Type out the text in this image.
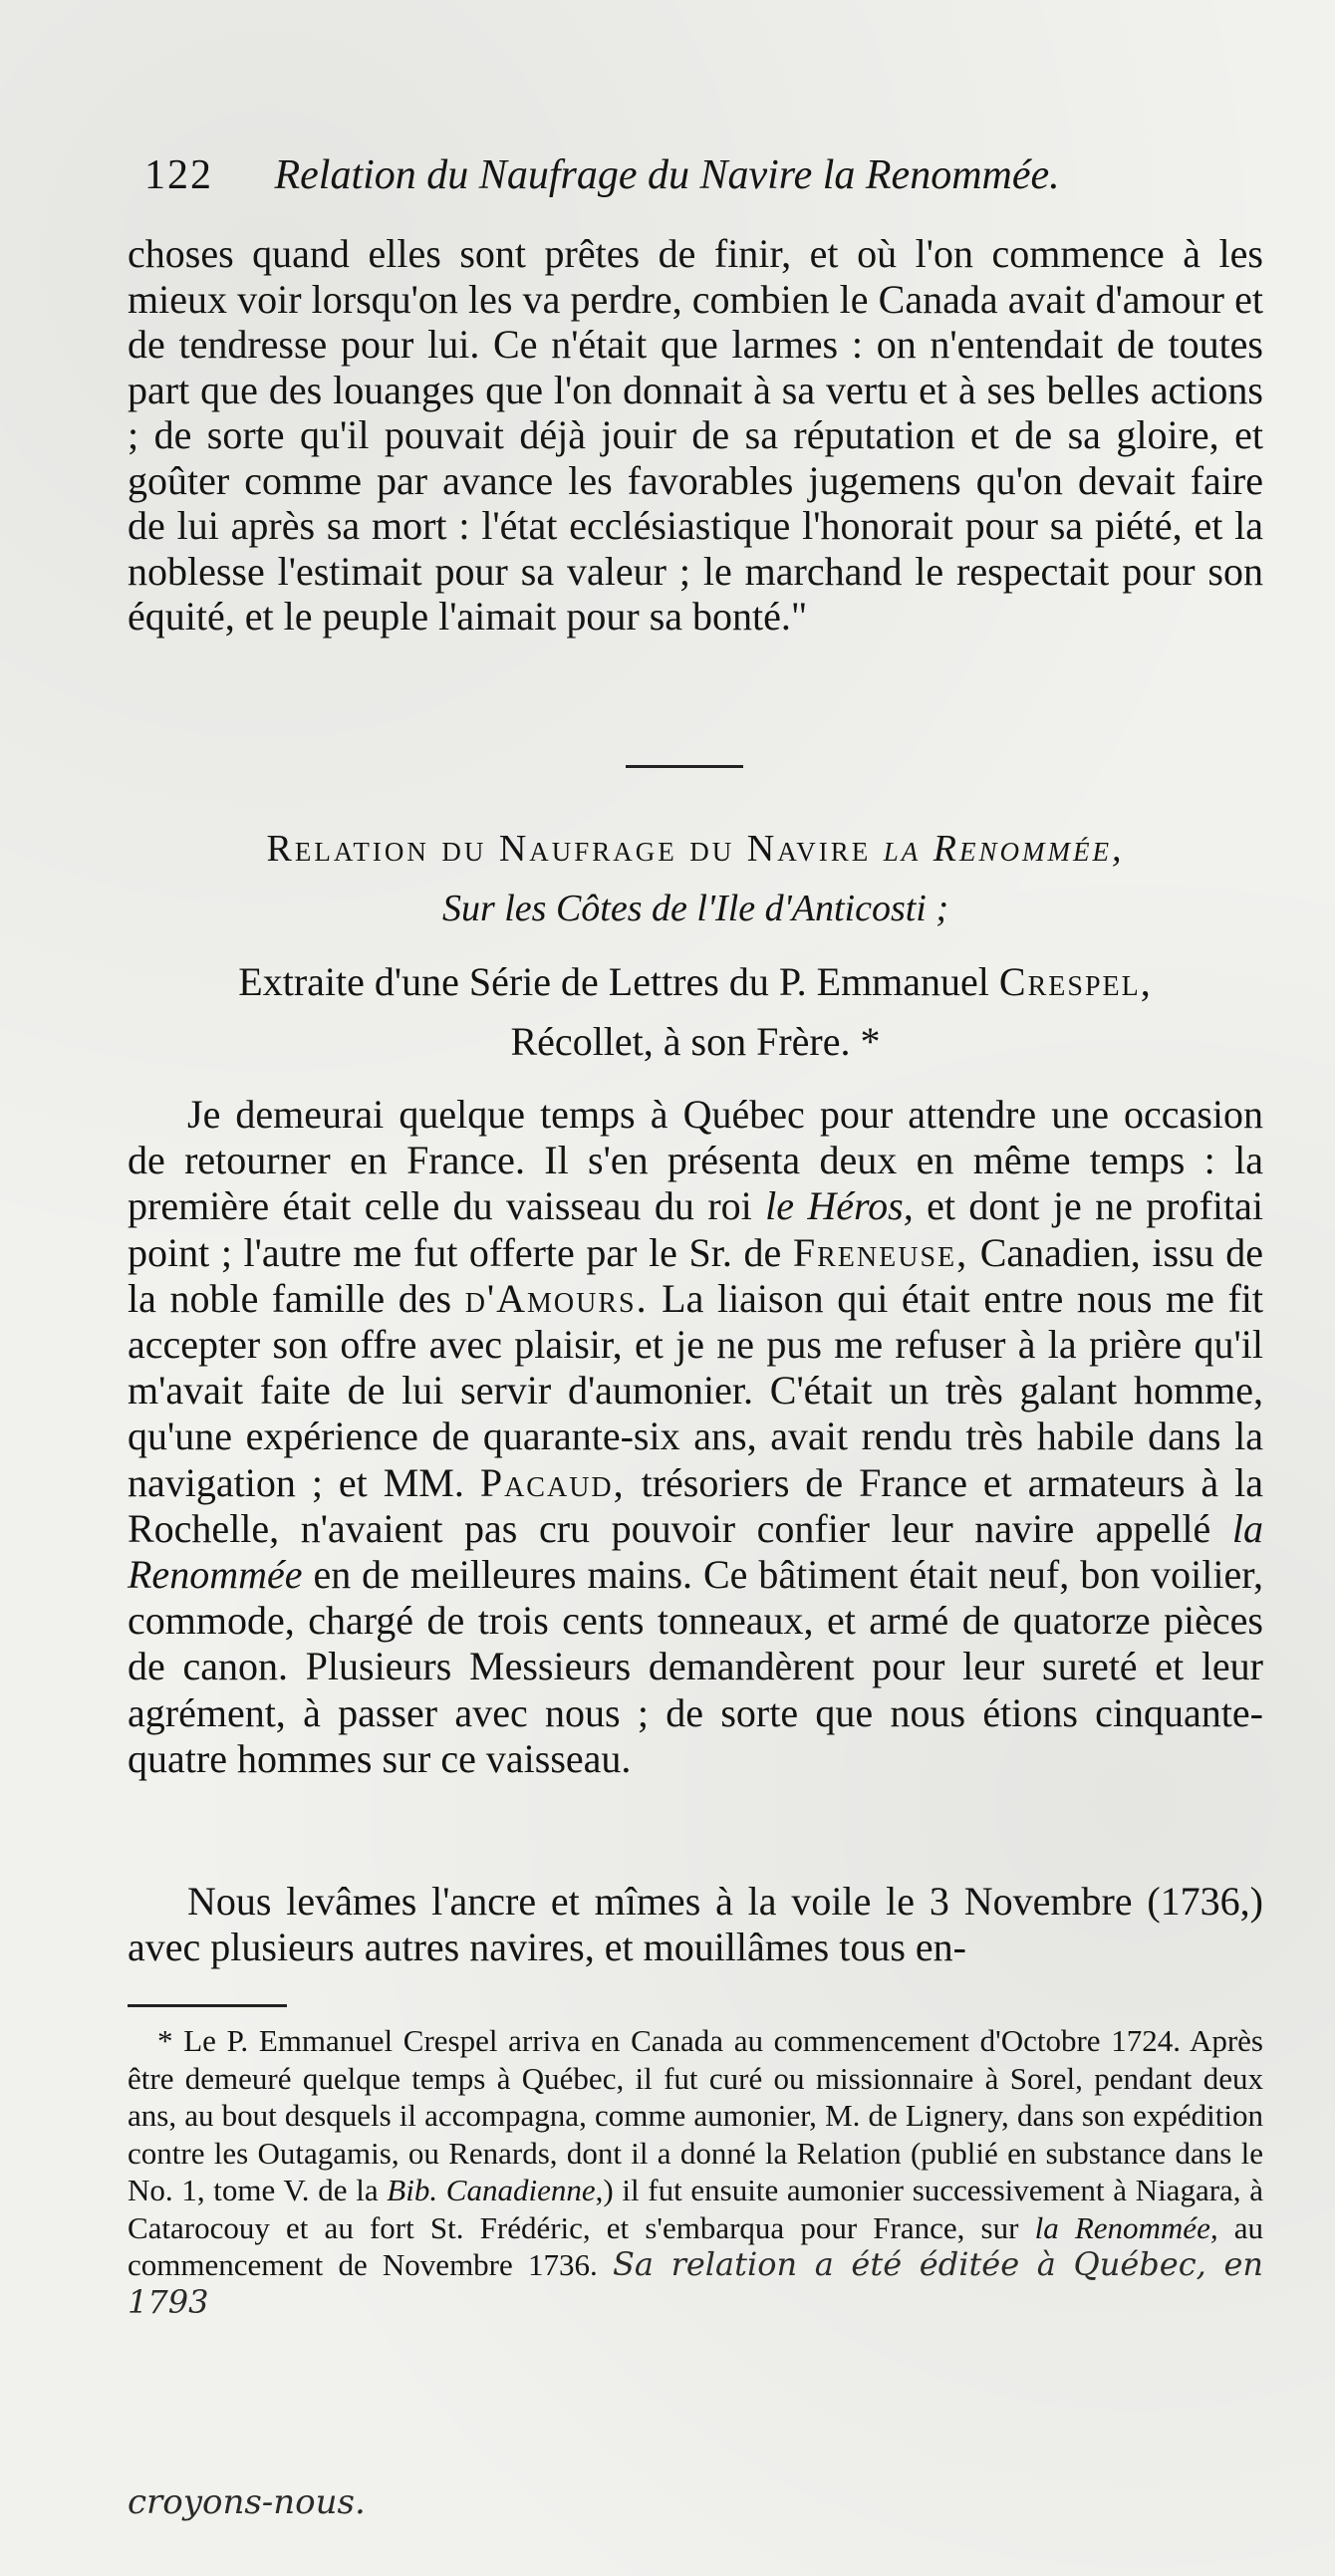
122 Relation du Naufrage du Navire la Renommée.
choses quand elles sont prêtes de finir, et où l'on commence à les mieux voir lorsqu'on les va perdre, combien le Canada avait d'amour et de tendresse pour lui. Ce n'était que larmes : on n'entendait de toutes part que des louanges que l'on donnait à sa vertu et à ses belles actions ; de sorte qu'il pouvait déjà jouir de sa réputation et de sa gloire, et goûter comme par avance les favorables jugemens qu'on devait faire de lui après sa mort : l'état ecclésiastique l'honorait pour sa piété, et la noblesse l'estimait pour sa valeur ; le marchand le respectait pour son équité, et le peuple l'aimait pour sa bonté."
Relation du Naufrage du Navire la Renommée,
Sur les Côtes de l'Ile d'Anticosti ;
Extraite d'une Série de Lettres du P. Emmanuel Crespel,
Récollet, à son Frère. *
Je demeurai quelque temps à Québec pour attendre une occasion de retourner en France. Il s'en présenta deux en même temps : la première était celle du vaisseau du roi le Héros, et dont je ne profitai point ; l'autre me fut offerte par le Sr. de Freneuse, Canadien, issu de la noble famille des d'Amours. La liaison qui était entre nous me fit accepter son offre avec plaisir, et je ne pus me refuser à la prière qu'il m'avait faite de lui servir d'aumonier. C'était un très galant homme, qu'une expérience de quarante-six ans, avait rendu très habile dans la navigation ; et MM. Pacaud, trésoriers de France et armateurs à la Rochelle, n'avaient pas cru pouvoir confier leur navire appellé la Renommée en de meilleures mains. Ce bâtiment était neuf, bon voilier, commode, chargé de trois cents tonneaux, et armé de quatorze pièces de canon. Plusieurs Messieurs demandèrent pour leur sureté et leur agrément, à passer avec nous ; de sorte que nous étions cinquante-quatre hommes sur ce vaisseau.
Nous levâmes l'ancre et mîmes à la voile le 3 Novembre (1736,) avec plusieurs autres navires, et mouillâmes tous en-
* Le P. Emmanuel Crespel arriva en Canada au commencement d'Octobre 1724. Après être demeuré quelque temps à Québec, il fut curé ou missionnaire à Sorel, pendant deux ans, au bout desquels il accompagna, comme aumonier, M. de Lignery, dans son expédition contre les Outagamis, ou Renards, dont il a donné la Relation (publié en substance dans le No. 1, tome V. de la Bib. Canadienne,) il fut ensuite aumonier successivement à Niagara, à Catarocouy et au fort St. Frédéric, et s'embarqua pour France, sur la Renommée, au commencement de Novembre 1736. Sa relation a été éditée à Québec, en 1793
croyons-nous.
